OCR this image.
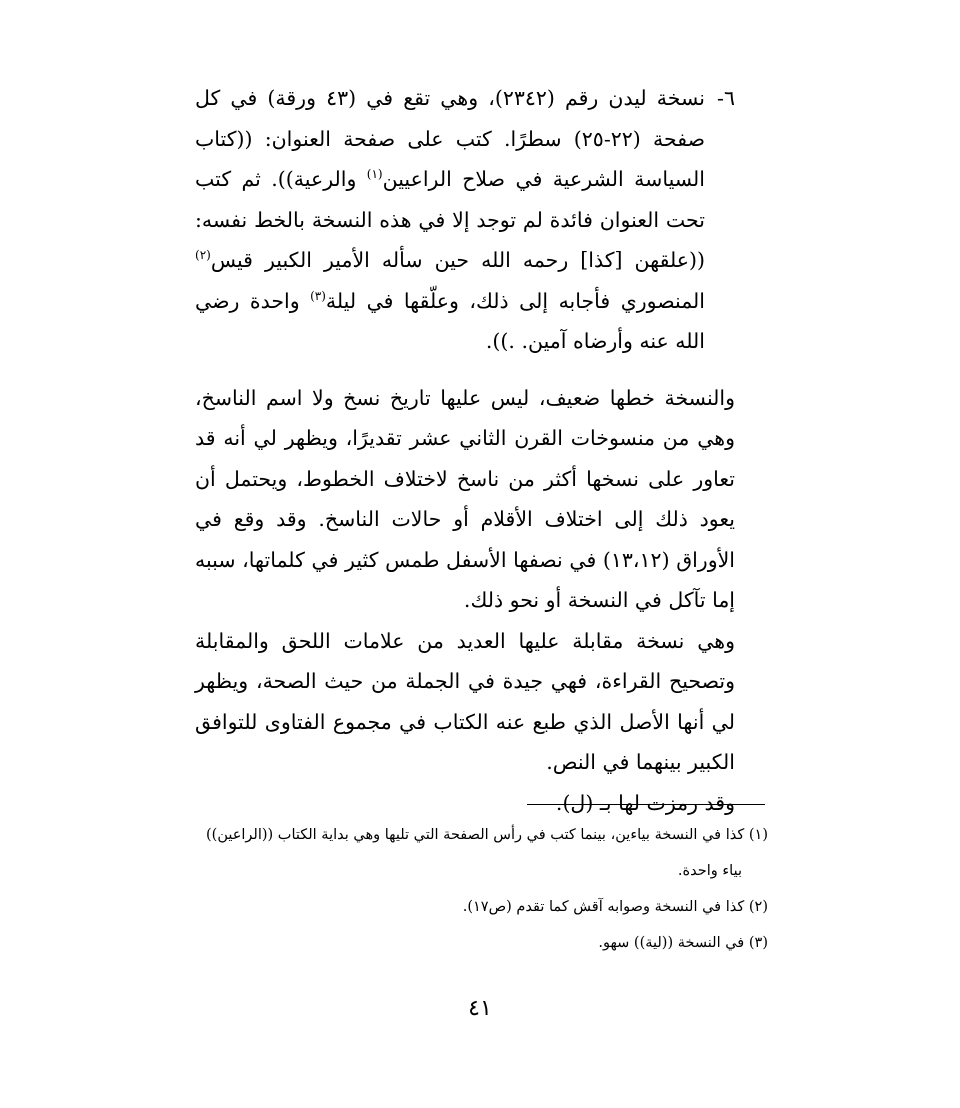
٦-
نسخة ليدن رقم (٢٣٤٢)، وهي تقع في (٤٣ ورقة) في كل صفحة (٢٢-٢٥) سطرًا. كتب على صفحة العنوان: ((كتاب السياسة الشرعية في صلاح الراعيين$^{(١)}$ والرعية)). ثم كتب تحت العنوان فائدة لم توجد إلا في هذه النسخة بالخط نفسه: ((علقهن [كذا] رحمه الله حين سأله الأمير الكبير قيس$^{(٢)}$ المنصوري فأجابه إلى ذلك، وعلّقها في ليلة$^{(٣)}$ واحدة رضي الله عنه وأرضاه آمين. .)).

والنسخة خطها ضعيف، ليس عليها تاريخ نسخ ولا اسم الناسخ، وهي من منسوخات القرن الثاني عشر تقديرًا، ويظهر لي أنه قد تعاور على نسخها أكثر من ناسخ لاختلاف الخطوط، ويحتمل أن يعود ذلك إلى اختلاف الأقلام أو حالات الناسخ. وقد وقع في الأوراق (١٣،١٢) في نصفها الأسفل طمس كثير في كلماتها، سببه إما تآكل في النسخة أو نحو ذلك.

وهي نسخة مقابلة عليها العديد من علامات اللحق والمقابلة وتصحيح القراءة، فهي جيدة في الجملة من حيث الصحة، ويظهر لي أنها الأصل الذي طبع عنه الكتاب في مجموع الفتاوى للتوافق الكبير بينهما في النص.

وقد رمزت لها بـ (ل).

(١) كذا في النسخة بياءين، بينما كتب في رأس الصفحة التي تليها وهي بداية الكتاب ((الراعين))

بياء واحدة.

(٢) كذا في النسخة وصوابه آقش كما تقدم (ص١٧).

(٣) في النسخة ((لية)) سهو.

٤١
